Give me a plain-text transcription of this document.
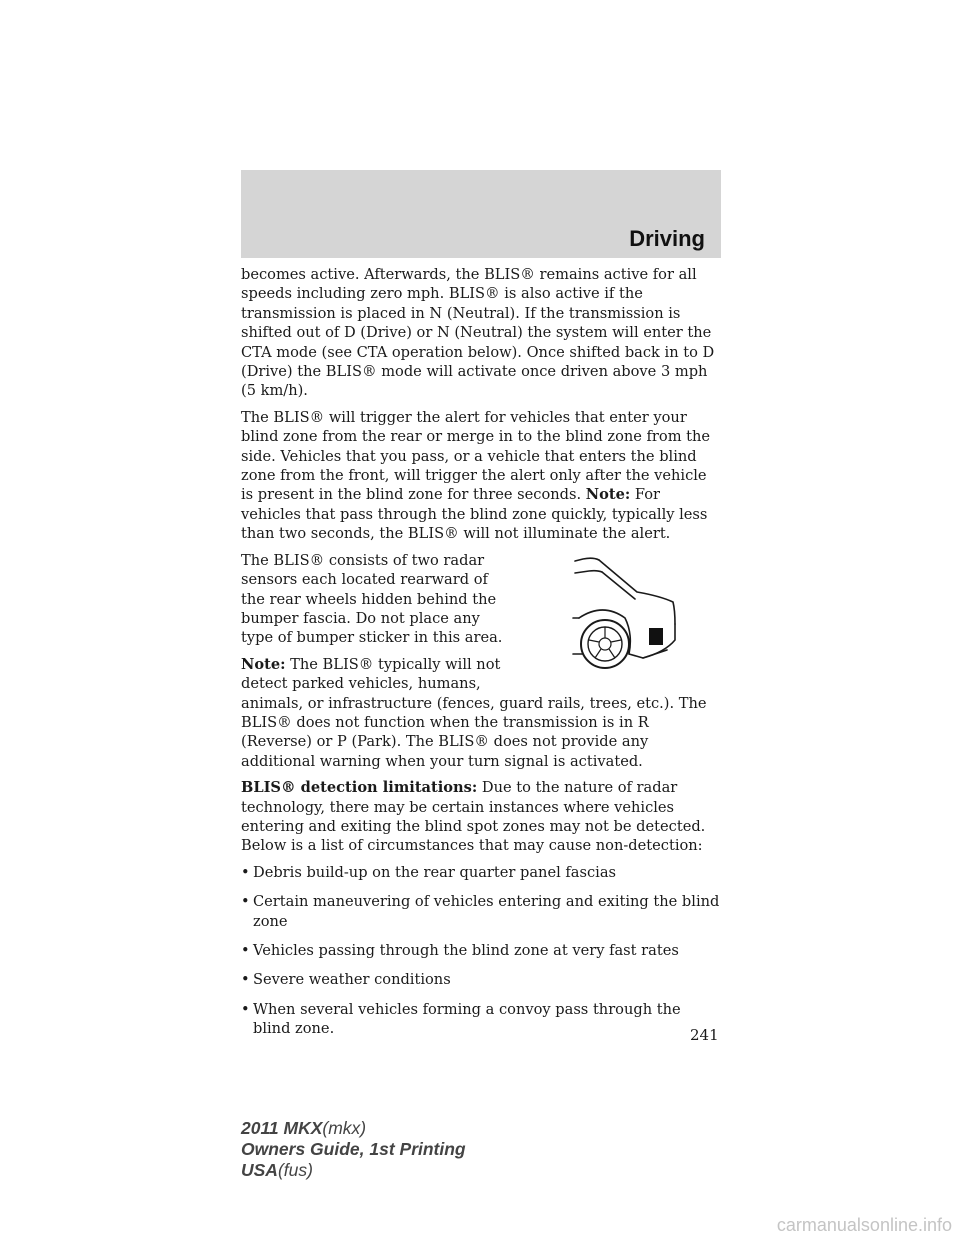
Driving

becomes active. Afterwards, the BLIS® remains active for all speeds including zero mph. BLIS® is also active if the transmission is placed in N (Neutral). If the transmission is shifted out of D (Drive) or N (Neutral) the system will enter the CTA mode (see CTA operation below). Once shifted back in to D (Drive) the BLIS® mode will activate once driven above 3 mph (5 km/h).

The BLIS® will trigger the alert for vehicles that enter your blind zone from the rear or merge in to the blind zone from the side. Vehicles that you pass, or a vehicle that enters the blind zone from the front, will trigger the alert only after the vehicle is present in the blind zone for three seconds. Note: For vehicles that pass through the blind zone quickly, typically less than two seconds, the BLIS® will not illuminate the alert.

The BLIS® consists of two radar sensors each located rearward of the rear wheels hidden behind the bumper fascia. Do not place any type of bumper sticker in this area.

Note: The BLIS® typically will not detect parked vehicles, humans, animals, or infrastructure (fences, guard rails, trees, etc.). The BLIS® does not function when the transmission is in R (Reverse) or P (Park). The BLIS® does not provide any additional warning when your turn signal is activated.

BLIS® detection limitations: Due to the nature of radar technology, there may be certain instances where vehicles entering and exiting the blind spot zones may not be detected. Below is a list of circumstances that may cause non-detection:

• Debris build-up on the rear quarter panel fascias
• Certain maneuvering of vehicles entering and exiting the blind zone
• Vehicles passing through the blind zone at very fast rates
• Severe weather conditions
• When several vehicles forming a convoy pass through the blind zone.	241
2011 MKX(mkx)
Owners Guide, 1st Printing
USA(fus)
carmanualsonline.info
